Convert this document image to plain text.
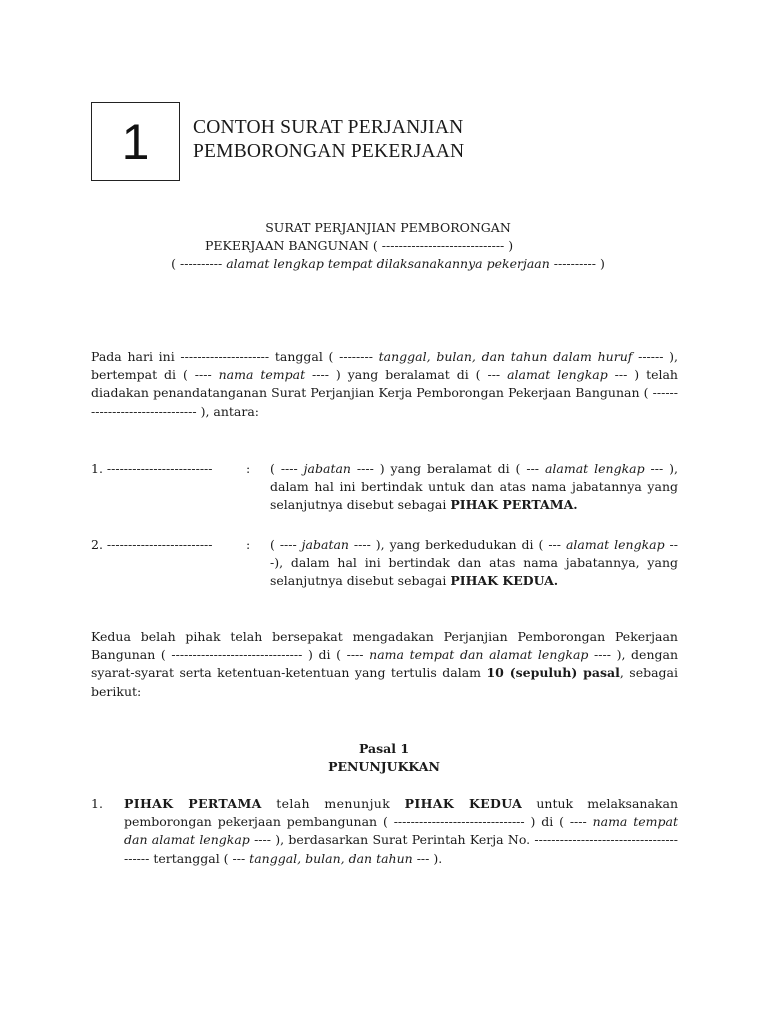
1 CONTOH SURAT PERJANJIAN
PEMBORONGAN PEKERJAAN
SURAT PERJANJIAN PEMBORONGAN
PEKERJAAN BANGUNAN ( ----------------------------- )
( ---------- alamat lengkap tempat dilaksanakannya pekerjaan ---------- )
Pada hari ini --------------------- tanggal ( -------- tanggal, bulan, dan tahun dalam huruf ------ ), bertempat di ( ---- nama tempat ---- ) yang beralamat di ( --- alamat lengkap --- ) telah diadakan penandatanganan Surat Perjanjian Kerja Pemborongan Pekerjaan Bangunan ( ------------------------------- ), antara:
1. -------------------------	: ( ---- jabatan ---- ) yang beralamat di ( --- alamat lengkap --- ), dalam hal ini bertindak untuk dan atas nama jabatannya yang selanjutnya disebut sebagai PIHAK PERTAMA.
2. -------------------------	: ( ---- jabatan ---- ), yang berkedudukan di ( --- alamat lengkap ---), dalam hal ini bertindak dan atas nama jabatannya, yang selanjutnya disebut sebagai PIHAK KEDUA.
Kedua belah pihak telah bersepakat mengadakan Perjanjian Pemborongan Pekerjaan Bangunan ( ------------------------------- ) di ( ---- nama tempat dan alamat lengkap ---- ), dengan syarat-syarat serta ketentuan-ketentuan yang tertulis dalam 10 (sepuluh) pasal, sebagai berikut:
Pasal 1
PENUNJUKKAN
1. PIHAK PERTAMA telah menunjuk PIHAK KEDUA untuk melaksanakan pemborongan pekerjaan pembangunan ( ------------------------------- ) di ( ---- nama tempat dan alamat lengkap ---- ), berdasarkan Surat Perintah Kerja No. ---------------------------------------- tertanggal ( --- tanggal, bulan, dan tahun --- ).
